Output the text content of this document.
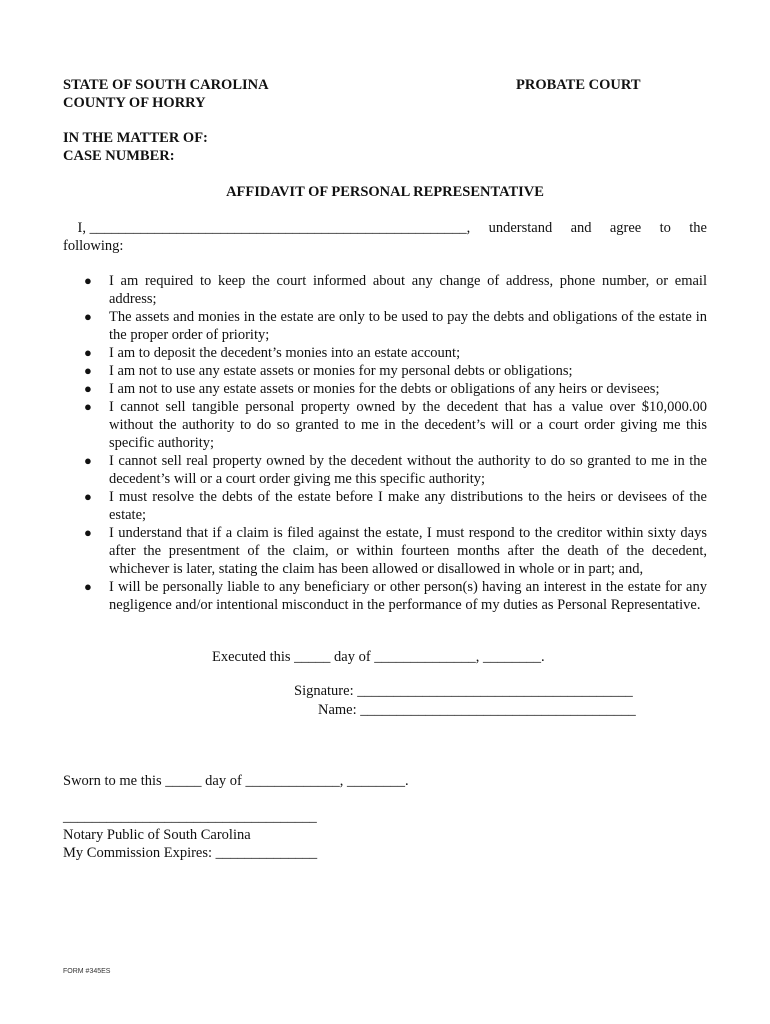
STATE OF SOUTH CAROLINA
COUNTY OF HORRY
PROBATE COURT
IN THE MATTER OF:
CASE NUMBER:
AFFIDAVIT OF PERSONAL REPRESENTATIVE
I, ____________________________________________________, understand and agree to the
following:
● I am required to keep the court informed about any change of address, phone number, or email address;
● The assets and monies in the estate are only to be used to pay the debts and obligations of the estate in the proper order of priority;
● I am to deposit the decedent’s monies into an estate account;
● I am not to use any estate assets or monies for my personal debts or obligations;
● I am not to use any estate assets or monies for the debts or obligations of any heirs or devisees;
● I cannot sell tangible personal property owned by the decedent that has a value over $10,000.00 without the authority to do so granted to me in the decedent’s will or a court order giving me this specific authority;
● I cannot sell real property owned by the decedent without the authority to do so granted to me in the decedent’s will or a court order giving me this specific authority;
● I must resolve the debts of the estate before I make any distributions to the heirs or devisees of the estate;
● I understand that if a claim is filed against the estate, I must respond to the creditor within sixty days after the presentment of the claim, or within fourteen months after the death of the decedent, whichever is later, stating the claim has been allowed or disallowed in whole or in part; and,
● I will be personally liable to any beneficiary or other person(s) having an interest in the estate for any negligence and/or intentional misconduct in the performance of my duties as Personal Representative.
Executed this _____ day of ______________, ________.
Signature: ______________________________________
Name: ______________________________________
Sworn to me this _____ day of _____________, ________.
___________________________________
Notary Public of South Carolina
My Commission Expires: ______________
FORM #345ES
